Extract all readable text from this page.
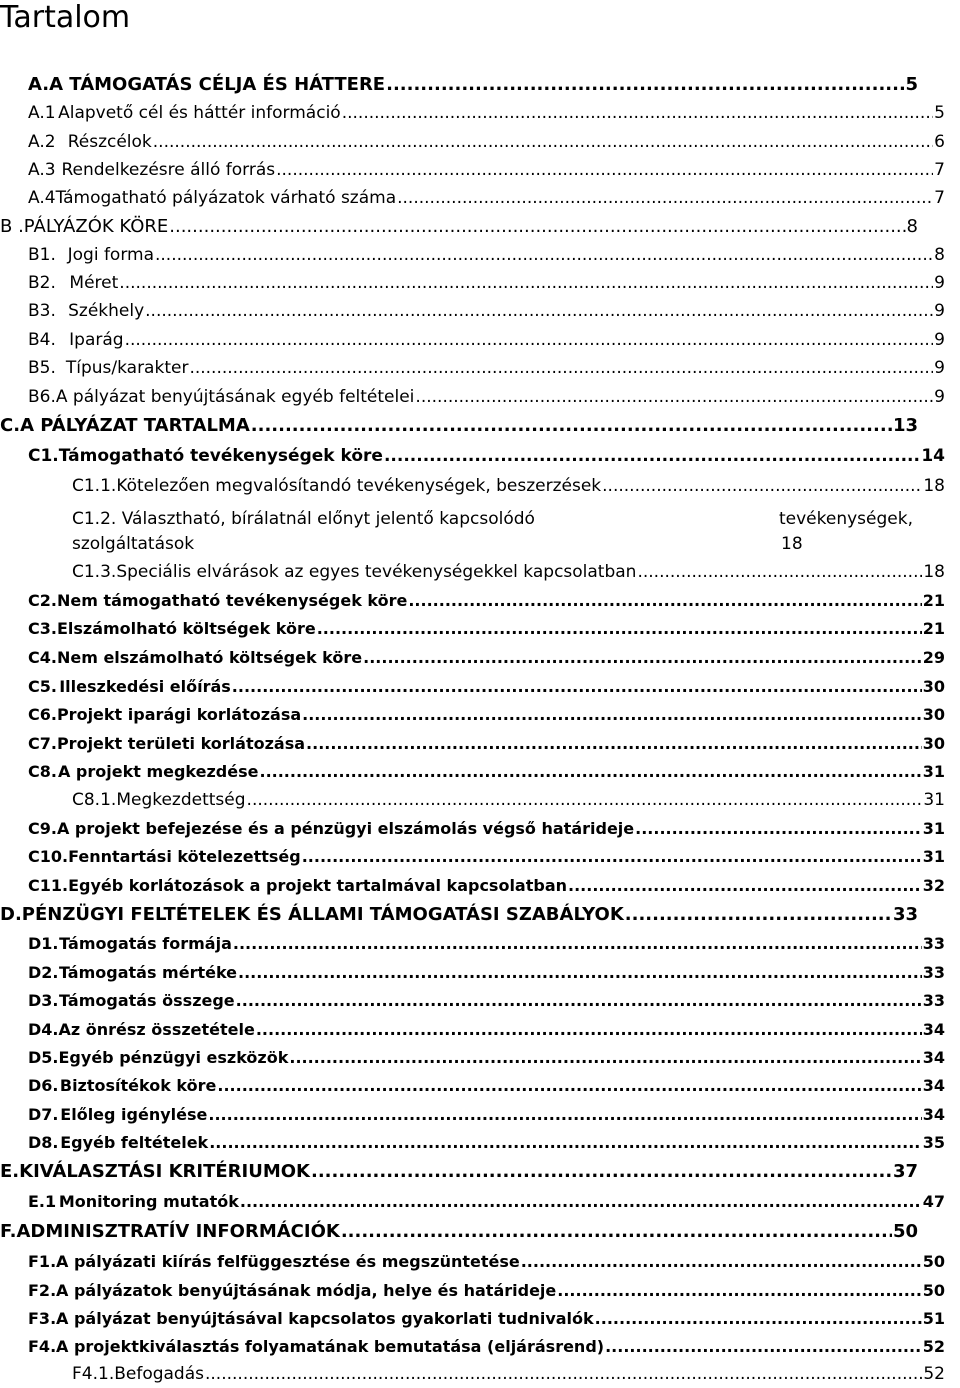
Tartalom
A. A TÁMOGATÁS CÉLJA ÉS HÁTTERE .....	5
A.1 Alapvető cél és háttér információ .....	5
A.2 Részcélok .....	6
A.3 Rendelkezésre álló forrás .....	7
A.4 Támogatható pályázatok várható száma .....	7
B . PÁLYÁZÓK KÖRE .....	8
B1. Jogi forma .....	8
B2. Méret .....	9
B3. Székhely .....	9
B4. Iparág .....	9
B5. Típus/karakter .....	9
B6. A pályázat benyújtásának egyéb feltételei .....	9
C. A PÁLYÁZAT TARTALMA .....	13
C1. Támogatható tevékenységek köre .....	14
C1.1. Kötelezően megvalósítandó tevékenységek, beszerzések .....	18
C1.2. Választható, bírálatnál előnyt jelentő kapcsolódó	tevékenységek,
szolgáltatások	18
C1.3. Speciális elvárások az egyes tevékenységekkel kapcsolatban .....	18
C2. Nem támogatható tevékenységek köre .....	21
C3. Elszámolható költségek köre .....	21
C4. Nem elszámolható költségek köre .....	29
C5. Illeszkedési előírás .....	30
C6. Projekt iparági korlátozása .....	30
C7. Projekt területi korlátozása .....	30
C8. A projekt megkezdése .....	31
C8.1. Megkezdettség .....	31
C9. A projekt befejezése és a pénzügyi elszámolás végső határideje .....	31
C10. Fenntartási kötelezettség .....	31
C11. Egyéb korlátozások a projekt tartalmával kapcsolatban .....	32
D. PÉNZÜGYI FELTÉTELEK ÉS ÁLLAMI TÁMOGATÁSI SZABÁLYOK .....	33
D1. Támogatás formája .....	33
D2. Támogatás mértéke .....	33
D3. Támogatás összege .....	33
D4. Az önrész összetétele .....	34
D5. Egyéb pénzügyi eszközök .....	34
D6. Biztosítékok köre .....	34
D7. Előleg igénylése .....	34
D8. Egyéb feltételek .....	35
E. KIVÁLASZTÁSI KRITÉRIUMOK .....	37
E.1 Monitoring mutatók .....	47
F. ADMINISZTRATÍV INFORMÁCIÓK .....	50
F1. A pályázati kiírás felfüggesztése és megszüntetése .....	50
F2. A pályázatok benyújtásának módja, helye és határideje .....	50
F3. A pályázat benyújtásával kapcsolatos gyakorlati tudnivalók .....	51
F4. A projektkiválasztás folyamatának bemutatása (eljárásrend) .....	52
F4.1. Befogadás .....	52
